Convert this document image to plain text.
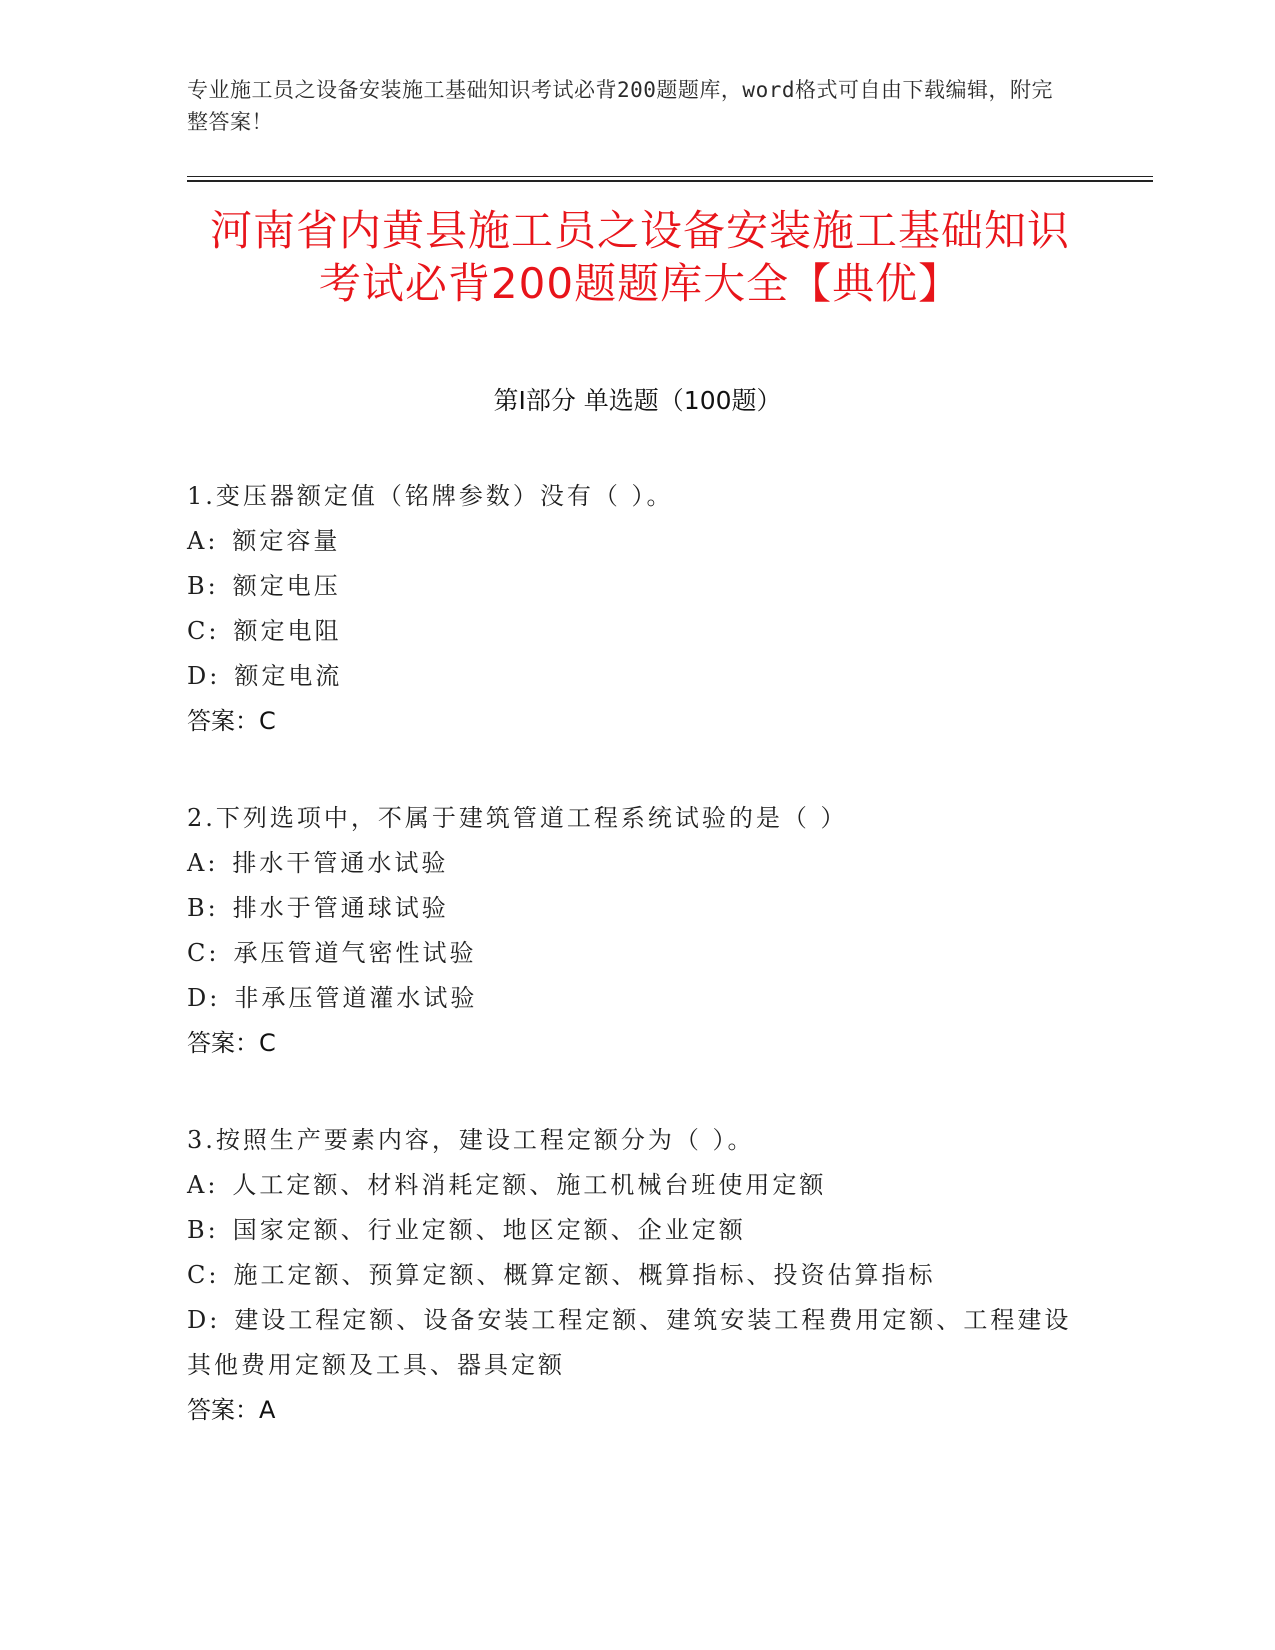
专业施工员之设备安装施工基础知识考试必背200题题库，word格式可自由下载编辑，附完整答案！
河南省内黄县施工员之设备安装施工基础知识考试必背200题题库大全【典优】
第Ⅰ部分 单选题（100题）
1.变压器额定值（铭牌参数）没有（ ）。
A: 额定容量
B: 额定电压
C: 额定电阻
D: 额定电流
答案：C
2.下列选项中，不属于建筑管道工程系统试验的是（ ）
A: 排水干管通水试验
B: 排水于管通球试验
C: 承压管道气密性试验
D: 非承压管道灌水试验
答案：C
3.按照生产要素内容，建设工程定额分为（ ）。
A: 人工定额、材料消耗定额、施工机械台班使用定额
B: 国家定额、行业定额、地区定额、企业定额
C: 施工定额、预算定额、概算定额、概算指标、投资估算指标
D: 建设工程定额、设备安装工程定额、建筑安装工程费用定额、工程建设其他费用定额及工具、器具定额
答案：A
